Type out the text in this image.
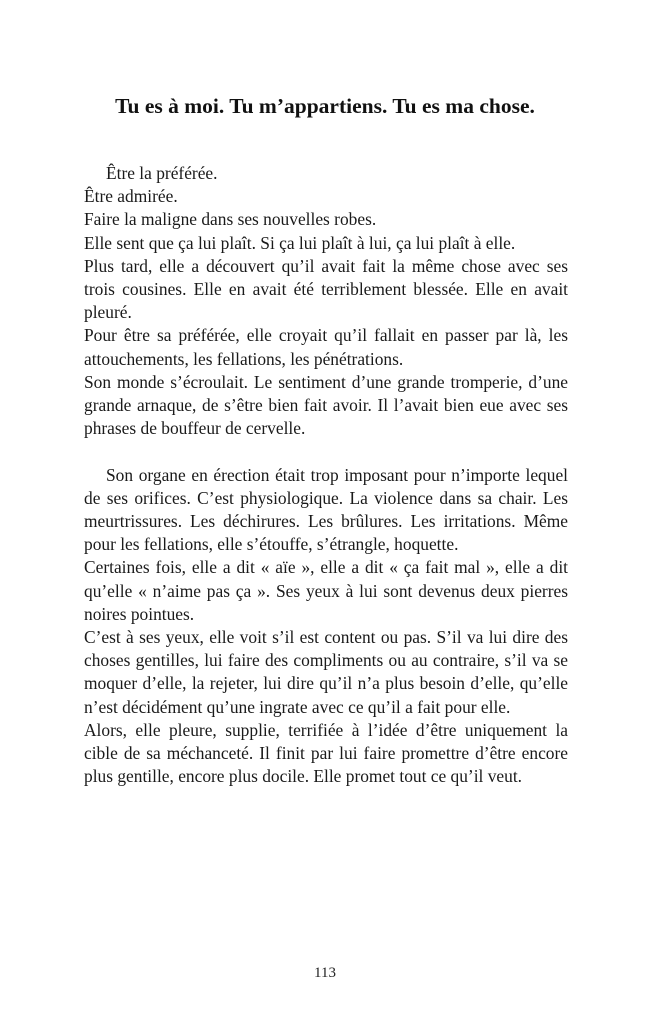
Tu es à moi. Tu m’appartiens. Tu es ma chose.

Être la préférée.

Être admirée.

Faire la maligne dans ses nouvelles robes.

Elle sent que ça lui plaît. Si ça lui plaît à lui, ça lui plaît à elle.

Plus tard, elle a découvert qu’il avait fait la même chose avec ses trois cousines. Elle en avait été terriblement blessée. Elle en avait pleuré.

Pour être sa préférée, elle croyait qu’il fallait en passer par là, les attouchements, les fellations, les pénétrations.

Son monde s’écroulait. Le sentiment d’une grande tromperie, d’une grande arnaque, de s’être bien fait avoir. Il l’avait bien eue avec ses phrases de bouffeur de cervelle.

Son organe en érection était trop imposant pour n’importe lequel de ses orifices. C’est physiologique. La violence dans sa chair. Les meurtrissures. Les déchirures. Les brûlures. Les irritations. Même pour les fellations, elle s’étouffe, s’étrangle, hoquette.

Certaines fois, elle a dit « aïe », elle a dit « ça fait mal », elle a dit qu’elle « n’aime pas ça ». Ses yeux à lui sont devenus deux pierres noires pointues.

C’est à ses yeux, elle voit s’il est content ou pas. S’il va lui dire des choses gentilles, lui faire des compliments ou au contraire, s’il va se moquer d’elle, la rejeter, lui dire qu’il n’a plus besoin d’elle, qu’elle n’est décidément qu’une ingrate avec ce qu’il a fait pour elle.

Alors, elle pleure, supplie, terrifiée à l’idée d’être uniquement la cible de sa méchanceté. Il finit par lui faire promettre d’être encore plus gentille, encore plus docile. Elle promet tout ce qu’il veut.

113
